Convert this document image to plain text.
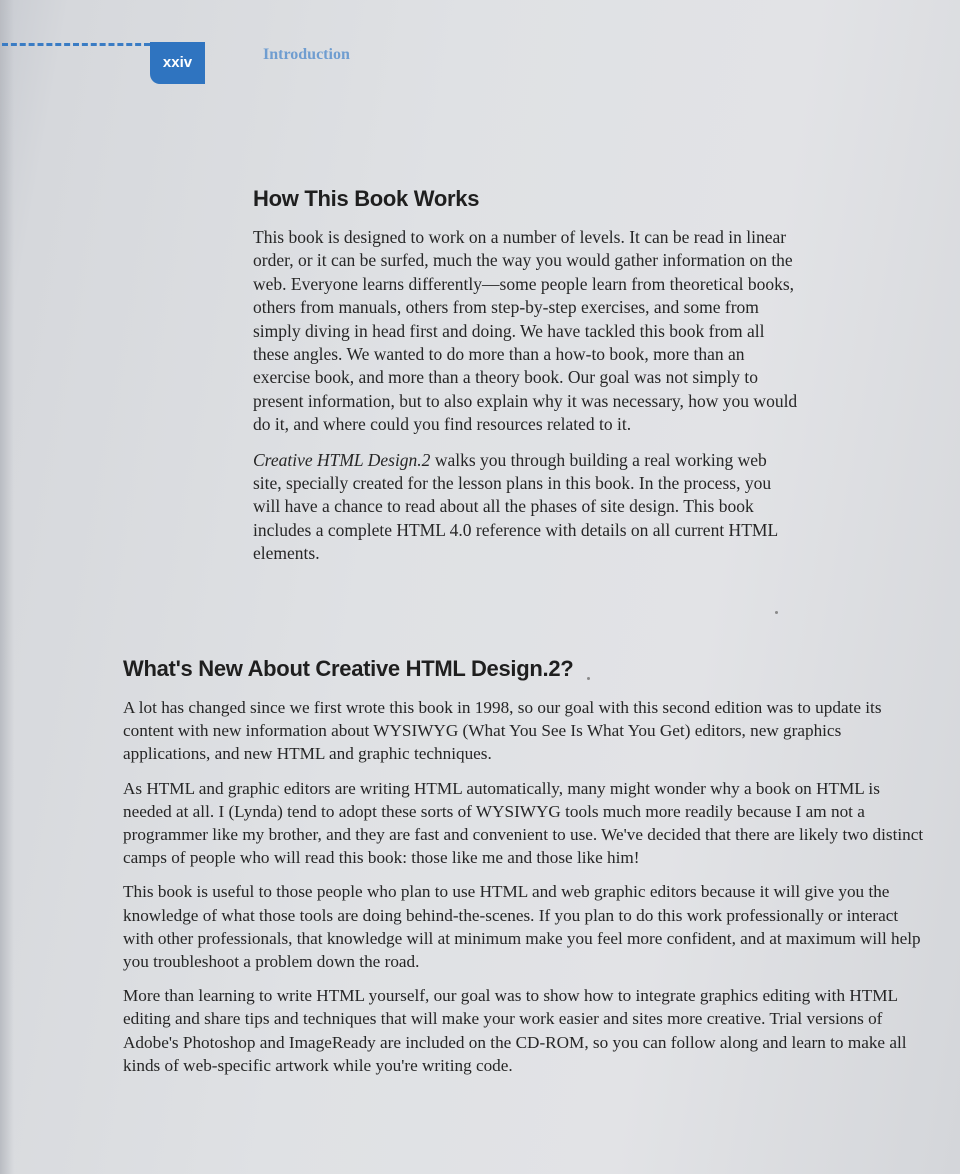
xxiv	Introduction
How This Book Works

This book is designed to work on a number of levels. It can be read in linear order, or it can be surfed, much the way you would gather information on the web. Everyone learns differently—some people learn from theoretical books, others from manuals, others from step-by-step exercises, and some from simply diving in head first and doing. We have tackled this book from all these angles. We wanted to do more than a how-to book, more than an exercise book, and more than a theory book. Our goal was not simply to present information, but to also explain why it was necessary, how you would do it, and where could you find resources related to it.

Creative HTML Design.2 walks you through building a real working web site, specially created for the lesson plans in this book. In the process, you will have a chance to read about all the phases of site design. This book includes a complete HTML 4.0 reference with details on all current HTML elements.

What's New About Creative HTML Design.2?

A lot has changed since we first wrote this book in 1998, so our goal with this second edition was to update its content with new information about WYSIWYG (What You See Is What You Get) editors, new graphics applications, and new HTML and graphic techniques.

As HTML and graphic editors are writing HTML automatically, many might wonder why a book on HTML is needed at all. I (Lynda) tend to adopt these sorts of WYSIWYG tools much more readily because I am not a programmer like my brother, and they are fast and convenient to use. We've decided that there are likely two distinct camps of people who will read this book: those like me and those like him!

This book is useful to those people who plan to use HTML and web graphic editors because it will give you the knowledge of what those tools are doing behind-the-scenes. If you plan to do this work professionally or interact with other professionals, that knowledge will at minimum make you feel more confident, and at maximum will help you troubleshoot a problem down the road.

More than learning to write HTML yourself, our goal was to show how to integrate graphics editing with HTML editing and share tips and techniques that will make your work easier and sites more creative. Trial versions of Adobe's Photoshop and ImageReady are included on the CD-ROM, so you can follow along and learn to make all kinds of web-specific artwork while you're writing code.
